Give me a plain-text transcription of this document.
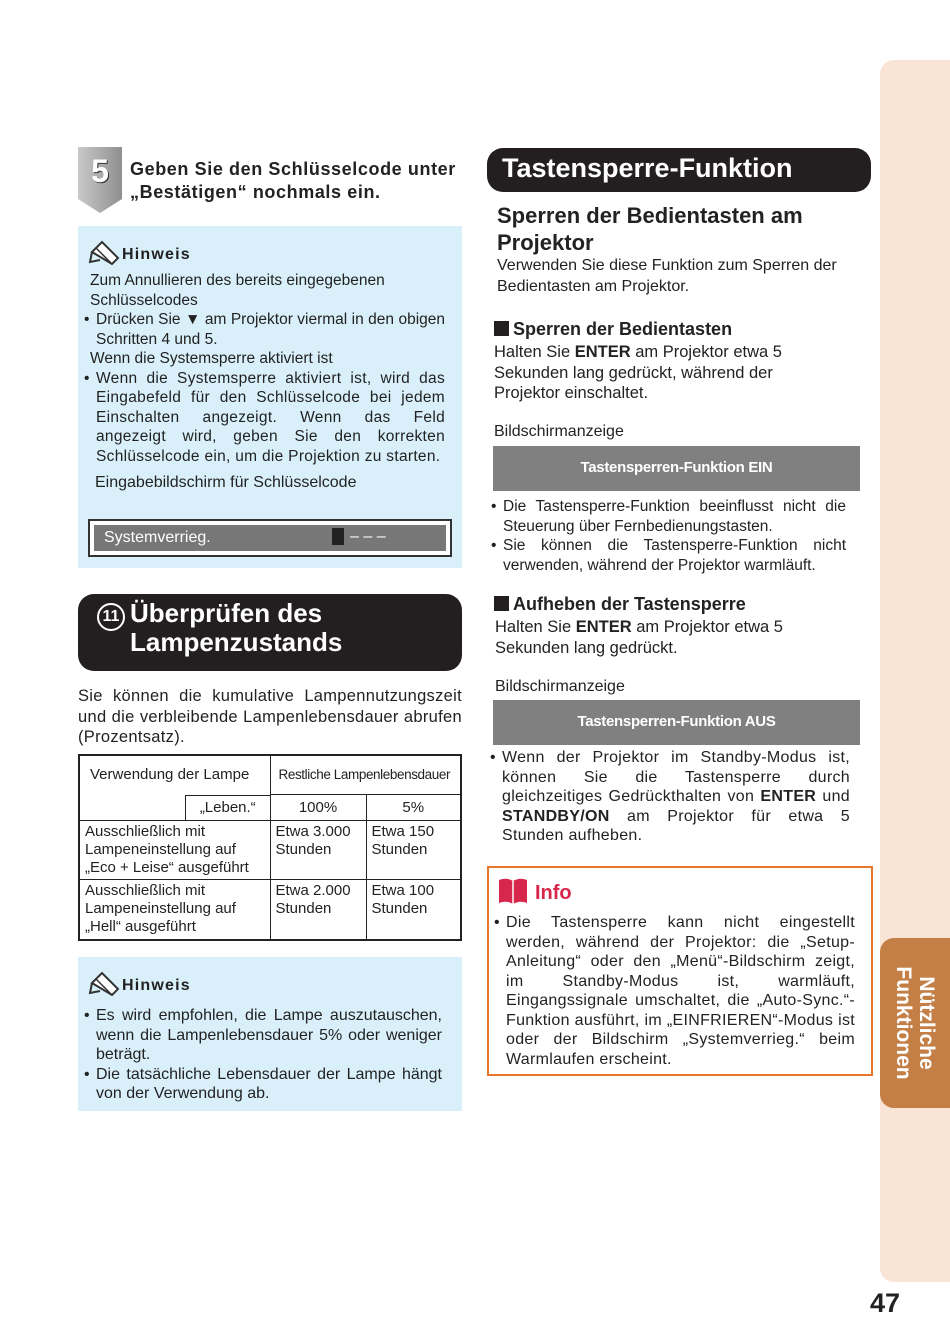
Nützliche
Funktionen
47
5	Geben Sie den Schlüsselcode unter „Bestätigen“ nochmals ein.
Hinweis
Zum Annullieren des bereits eingegebenen Schlüsselcodes
• Drücken Sie ▼ am Projektor viermal in den obigen Schritten 4 und 5.
Wenn die Systemsperre aktiviert ist
• Wenn die Systemsperre aktiviert ist, wird das Eingabefeld für den Schlüsselcode bei jedem Einschalten angezeigt. Wenn das Feld angezeigt wird, geben Sie den korrekten Schlüsselcode ein, um die Projektion zu starten.
Eingabebildschirm für Schlüsselcode
Systemverrieg.	– – –
11 Überprüfen des
Lampenzustands
Sie können die kumulative Lampennutzungszeit und die verbleibende Lampenlebensdauer abrufen (Prozentsatz).
Verwendung der Lampe	Restliche Lampenlebensdauer	

„Leben.“	100%	5%
Ausschließlich mit Lampeneinstellung auf „Eco + Leise“ ausgeführt	Etwa 3.000 Stunden	Etwa 150 Stunden
Ausschließlich mit Lampeneinstellung auf „Hell“ ausgeführt	Etwa 2.000 Stunden	Etwa 100 Stunden
Hinweis
• Es wird empfohlen, die Lampe auszutauschen, wenn die Lampenlebensdauer 5% oder weniger beträgt.
• Die tatsächliche Lebensdauer der Lampe hängt von der Verwendung ab.
Tastensperre-Funktion
Sperren der Bedientasten am Projektor
Verwenden Sie diese Funktion zum Sperren der Bedientasten am Projektor.
Sperren der Bedientasten
Halten Sie ENTER am Projektor etwa 5 Sekunden lang gedrückt, während der Projektor einschaltet.
Bildschirmanzeige
Tastensperren-Funktion EIN
• Die Tastensperre-Funktion beeinflusst nicht die Steuerung über Fernbedienungstasten.
• Sie können die Tastensperre-Funktion nicht verwenden, während der Projektor warmläuft.
Aufheben der Tastensperre
Halten Sie ENTER am Projektor etwa 5 Sekunden lang gedrückt.
Bildschirmanzeige
Tastensperren-Funktion AUS
• Wenn der Projektor im Standby-Modus ist, können Sie die Tastensperre durch gleichzeitiges Gedrückthalten von ENTER und STANDBY/ON am Projektor für etwa 5 Stunden aufheben.
Info
• Die Tastensperre kann nicht eingestellt werden, während der Projektor: die „Setup-Anleitung“ oder den „Menü“-Bildschirm zeigt, im Standby-Modus ist, warmläuft, Eingangssignale umschaltet, die „Auto-Sync.“-Funktion ausführt, im „EINFRIEREN“-Modus ist oder der Bildschirm „Systemverrieg.“ beim Warmlaufen erscheint.
